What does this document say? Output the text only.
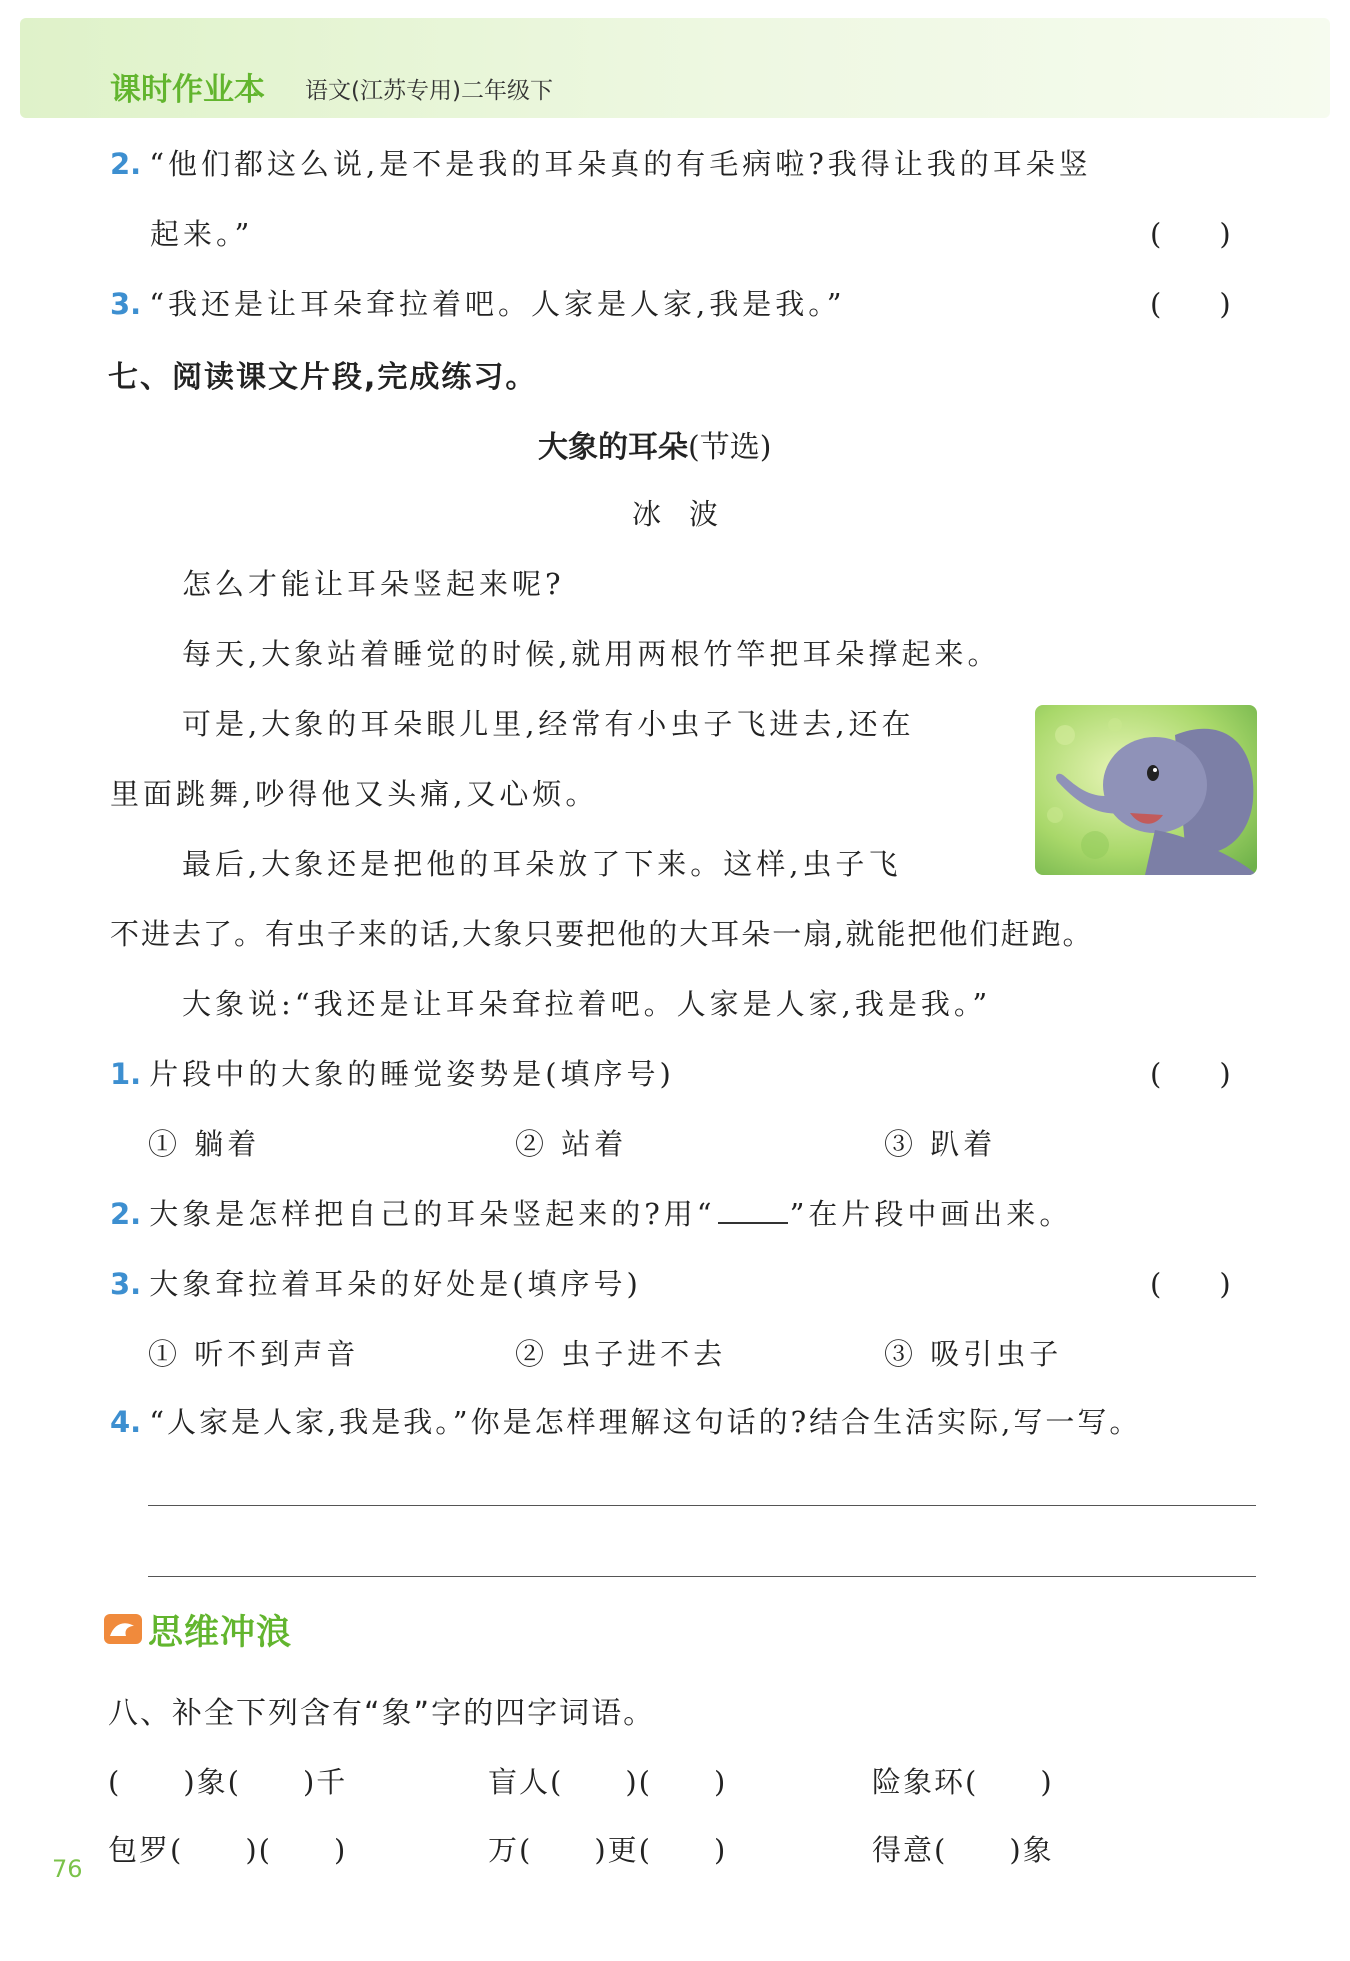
课时作业本 语文(江苏专用)二年级下
2. “他们都这么说,是不是我的耳朵真的有毛病啦?我得让我的耳朵竖
起来。”	(　　)
3. “我还是让耳朵耷拉着吧。人家是人家,我是我。”	(　　)
七、阅读课文片段,完成练习。
大象的耳朵(节选)
冰波
怎么才能让耳朵竖起来呢?
每天,大象站着睡觉的时候,就用两根竹竿把耳朵撑起来。
可是,大象的耳朵眼儿里,经常有小虫子飞进去,还在
里面跳舞,吵得他又头痛,又心烦。
最后,大象还是把他的耳朵放了下来。这样,虫子飞
不进去了。有虫子来的话,大象只要把他的大耳朵一扇,就能把他们赶跑。
大象说:“我还是让耳朵耷拉着吧。人家是人家,我是我。”
1. 片段中的大象的睡觉姿势是(填序号)	(　　)
① 躺着	② 站着	③ 趴着
2. 大象是怎样把自己的耳朵竖起来的?用“	”在片段中画出来。
3. 大象耷拉着耳朵的好处是(填序号)	(　　)
① 听不到声音	② 虫子进不去	③ 吸引虫子
4. “人家是人家,我是我。”你是怎样理解这句话的?结合生活实际,写一写。
思维冲浪
八、补全下列含有“象”字的四字词语。
(　　)象(　　)千	盲人(　　)(　　)	险象环(　　)
包罗(　　)(　　)	万(　　)更(　　)	得意(　　)象
76
